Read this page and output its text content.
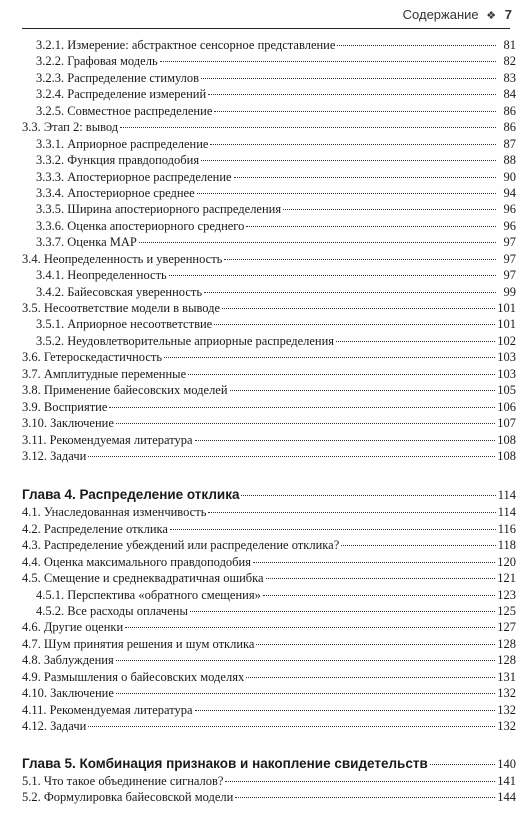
Содержание ❖ 7
3.2.1. Измерение: абстрактное сенсорное представление	81
3.2.2. Графовая модель	82
3.2.3. Распределение стимулов	83
3.2.4. Распределение измерений	84
3.2.5. Совместное распределение	86
3.3. Этап 2: вывод	86
3.3.1. Априорное распределение	87
3.3.2. Функция правдоподобия	88
3.3.3. Апостериорное распределение	90
3.3.4. Апостериорное среднее	94
3.3.5. Ширина апостериорного распределения	96
3.3.6. Оценка апостериорного среднего	96
3.3.7. Оценка MAP	97
3.4. Неопределенность и уверенность	97
3.4.1. Неопределенность	97
3.4.2. Байесовская уверенность	99
3.5. Несоответствие модели в выводе	101
3.5.1. Априорное несоответствие	101
3.5.2. Неудовлетворительные априорные распределения	102
3.6. Гетероскедастичность	103
3.7. Амплитудные переменные	103
3.8. Применение байесовских моделей	105
3.9. Восприятие	106
3.10. Заключение	107
3.11. Рекомендуемая литература	108
3.12. Задачи	108
Глава 4. Распределение отклика	114
4.1. Унаследованная изменчивость	114
4.2. Распределение отклика	116
4.3. Распределение убеждений или распределение отклика?	118
4.4. Оценка максимального правдоподобия	120
4.5. Смещение и среднеквадратичная ошибка	121
4.5.1. Перспектива «обратного смещения»	123
4.5.2. Все расходы оплачены	125
4.6. Другие оценки	127
4.7. Шум принятия решения и шум отклика	128
4.8. Заблуждения	128
4.9. Размышления о байесовских моделях	131
4.10. Заключение	132
4.11. Рекомендуемая литература	132
4.12. Задачи	132
Глава 5. Комбинация признаков и накопление свидетельств	140
5.1. Что такое объединение сигналов?	141
5.2. Формулировка байесовской модели	144
